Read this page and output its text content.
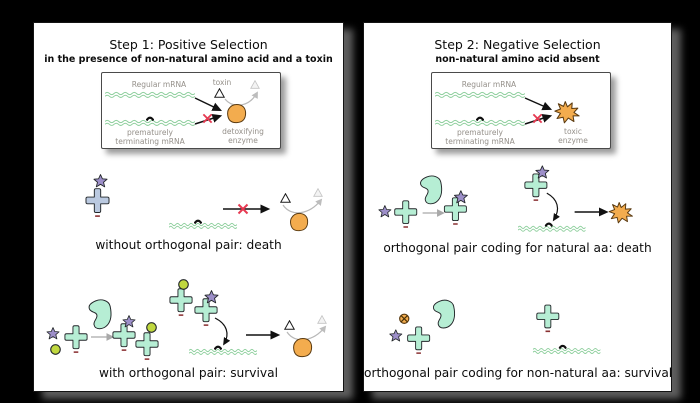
Step 1: Positive Selection
in the presence of non-natural amino acid and a toxin
Regular mRNA	toxin
detoxifying
enzyme
prematurely
terminating mRNA
without orthogonal pair: death
with orthogonal pair: survival
Step 2: Negative Selection
non-natural amino acid absent
Regular mRNA
toxic
enzyme
prematurely
terminating mRNA
orthogonal pair coding for natural aa: death
orthogonal pair coding for non-natural aa: survival
